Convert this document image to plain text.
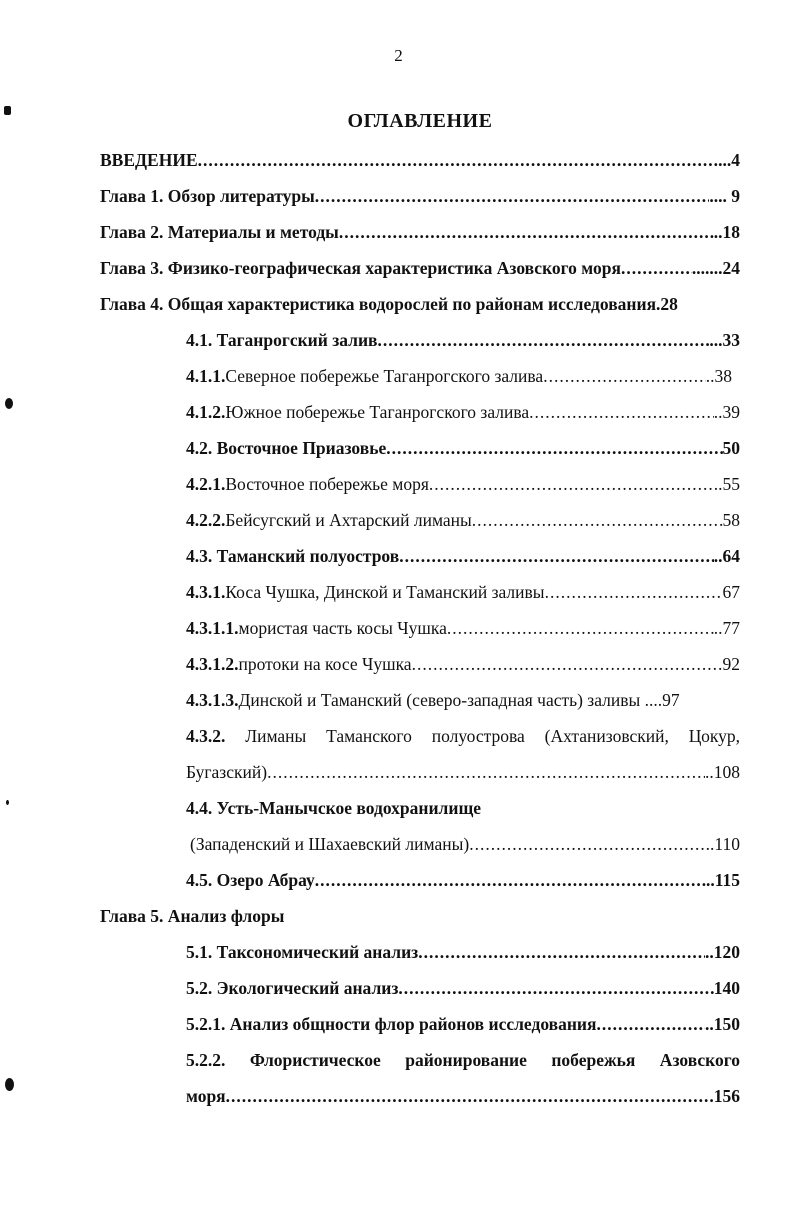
2
ОГЛАВЛЕНИЕ
ВВЕДЕНИЕ .....	...4
Глава 1. Обзор литературы .....	.... 9
Глава 2. Материалы и методы .....	..18
Глава 3. Физико-географическая характеристика Азовского моря .....	.......24
Глава 4. Общая характеристика водорослей по районам исследования .28
4.1. Таганрогский залив .....	...33
4.1.1. Северное побережье Таганрогского залива .....	..38
4.1.2. Южное побережье Таганрогского залива .....	..39
4.2. Восточное Приазовье .....	50
4.2.1. Восточное побережье моря .....	..55
4.2.2. Бейсугский и Ахтарский лиманы .....	58
4.3. Таманский полуостров .....	..64
4.3.1. Коса Чушка, Динской и Таманский заливы .....	67
4.3.1.1. мористая часть косы Чушка .....	..77
4.3.1.2. протоки на косе Чушка .....	92
4.3.1.3. Динской и Таманский (северо-западная часть) заливы ....97
4.3.2. Лиманы Таманского полуострова (Ахтанизовский, Цокур,
Бугазский) .....	..108
4.4. Усть-Манычское водохранилище
(Западенский и Шахаевский лиманы) .....	..110
4.5. Озеро Абрау .....	..115
Глава 5. Анализ флоры
5.1. Таксономический анализ .....	..120
5.2. Экологический анализ .....	140
5.2.1. Анализ общности флор районов исследования .....	..150
5.2.2. Флористическое районирование побережья Азовского
моря .....	156
